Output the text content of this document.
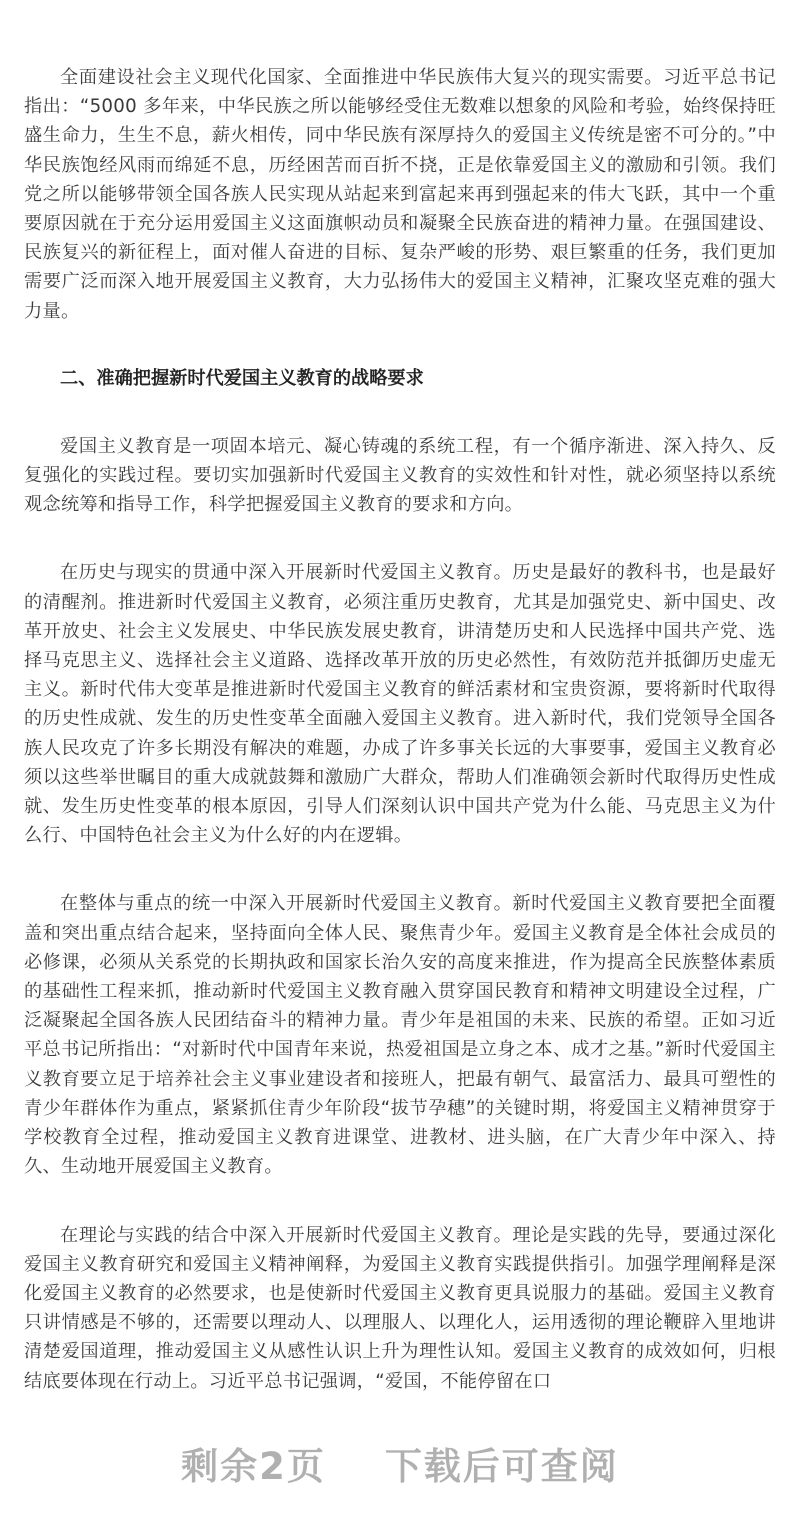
全面建设社会主义现代化国家、全面推进中华民族伟大复兴的现实需要。习近平总书记指出：“5000 多年来，中华民族之所以能够经受住无数难以想象的风险和考验，始终保持旺盛生命力，生生不息，薪火相传，同中华民族有深厚持久的爱国主义传统是密不可分的。”中华民族饱经风雨而绵延不息，历经困苦而百折不挠，正是依靠爱国主义的激励和引领。我们党之所以能够带领全国各族人民实现从站起来到富起来再到强起来的伟大飞跃，其中一个重要原因就在于充分运用爱国主义这面旗帜动员和凝聚全民族奋进的精神力量。在强国建设、民族复兴的新征程上，面对催人奋进的目标、复杂严峻的形势、艰巨繁重的任务，我们更加需要广泛而深入地开展爱国主义教育，大力弘扬伟大的爱国主义精神，汇聚攻坚克难的强大力量。

二、准确把握新时代爱国主义教育的战略要求

爱国主义教育是一项固本培元、凝心铸魂的系统工程，有一个循序渐进、深入持久、反复强化的实践过程。要切实加强新时代爱国主义教育的实效性和针对性，就必须坚持以系统观念统筹和指导工作，科学把握爱国主义教育的要求和方向。

在历史与现实的贯通中深入开展新时代爱国主义教育。历史是最好的教科书，也是最好的清醒剂。推进新时代爱国主义教育，必须注重历史教育，尤其是加强党史、新中国史、改革开放史、社会主义发展史、中华民族发展史教育，讲清楚历史和人民选择中国共产党、选择马克思主义、选择社会主义道路、选择改革开放的历史必然性，有效防范并抵御历史虚无主义。新时代伟大变革是推进新时代爱国主义教育的鲜活素材和宝贵资源，要将新时代取得的历史性成就、发生的历史性变革全面融入爱国主义教育。进入新时代，我们党领导全国各族人民攻克了许多长期没有解决的难题，办成了许多事关长远的大事要事，爱国主义教育必须以这些举世瞩目的重大成就鼓舞和激励广大群众，帮助人们准确领会新时代取得历史性成就、发生历史性变革的根本原因，引导人们深刻认识中国共产党为什么能、马克思主义为什么行、中国特色社会主义为什么好的内在逻辑。

在整体与重点的统一中深入开展新时代爱国主义教育。新时代爱国主义教育要把全面覆盖和突出重点结合起来，坚持面向全体人民、聚焦青少年。爱国主义教育是全体社会成员的必修课，必须从关系党的长期执政和国家长治久安的高度来推进，作为提高全民族整体素质的基础性工程来抓，推动新时代爱国主义教育融入贯穿国民教育和精神文明建设全过程，广泛凝聚起全国各族人民团结奋斗的精神力量。青少年是祖国的未来、民族的希望。正如习近平总书记所指出：“对新时代中国青年来说，热爱祖国是立身之本、成才之基。”新时代爱国主义教育要立足于培养社会主义事业建设者和接班人，把最有朝气、最富活力、最具可塑性的青少年群体作为重点，紧紧抓住青少年阶段“拔节孕穗”的关键时期，将爱国主义精神贯穿于学校教育全过程，推动爱国主义教育进课堂、进教材、进头脑，在广大青少年中深入、持久、生动地开展爱国主义教育。

在理论与实践的结合中深入开展新时代爱国主义教育。理论是实践的先导，要通过深化爱国主义教育研究和爱国主义精神阐释，为爱国主义教育实践提供指引。加强学理阐释是深化爱国主义教育的必然要求，也是使新时代爱国主义教育更具说服力的基础。爱国主义教育只讲情感是不够的，还需要以理动人、以理服人、以理化人，运用透彻的理论鞭辟入里地讲清楚爱国道理，推动爱国主义从感性认识上升为理性认知。爱国主义教育的成效如何，归根结底要体现在行动上。习近平总书记强调，“爱国，不能停留在口

剩余2页 下载后可查阅
